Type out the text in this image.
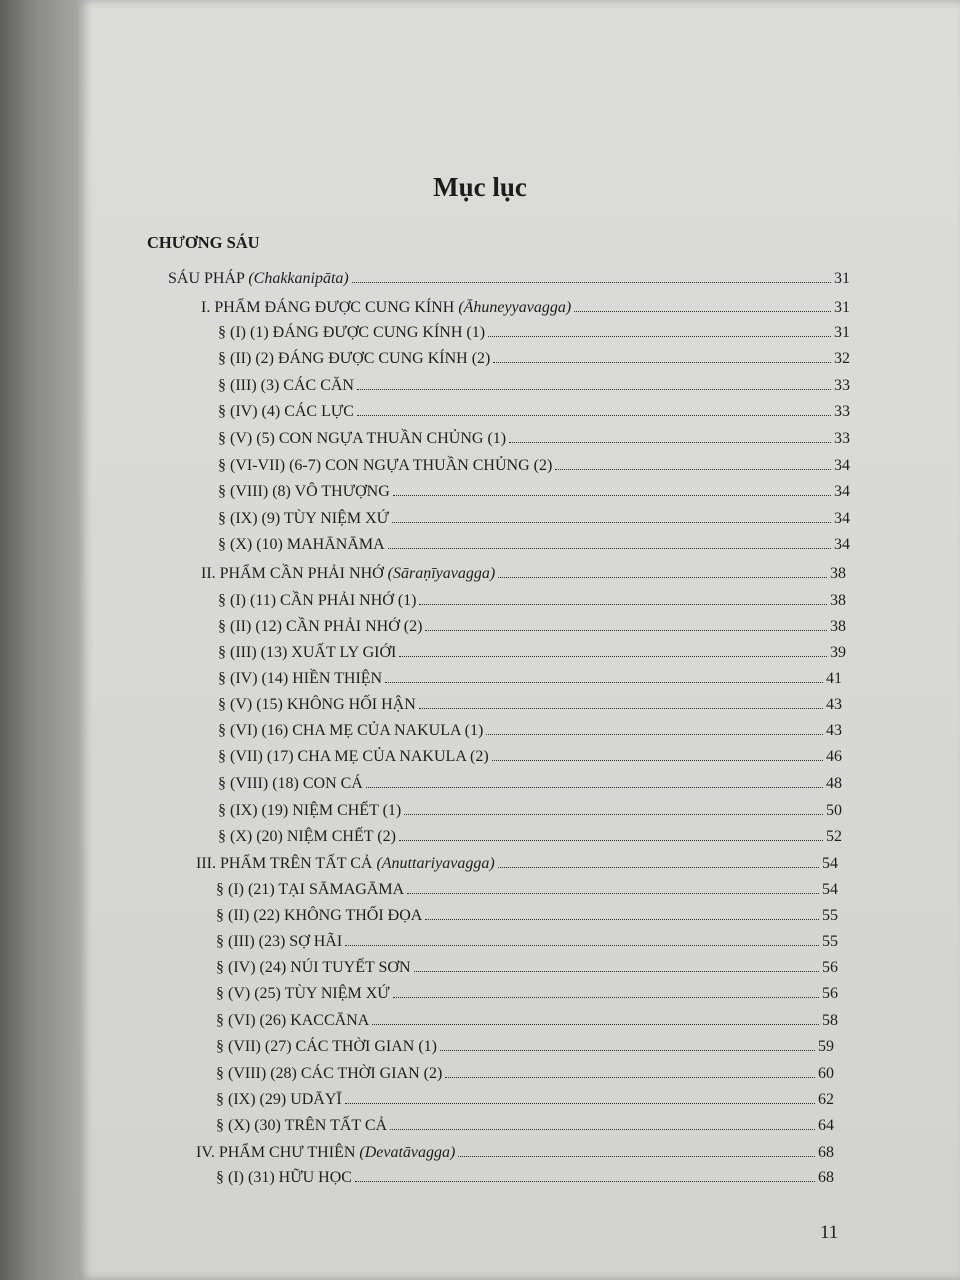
Mục lục
CHƯƠNG SÁU
SÁU PHÁP (Chakkanipāta)	31
I. PHẨM ĐÁNG ĐƯỢC CUNG KÍNH (Āhuneyyavagga)	31
§ (I) (1) ĐÁNG ĐƯỢC CUNG KÍNH (1)	31
§ (II) (2) ĐÁNG ĐƯỢC CUNG KÍNH (2)	32
§ (III) (3) CÁC CĂN	33
§ (IV) (4) CÁC LỰC	33
§ (V) (5) CON NGỰA THUẦN CHỦNG (1)	33
§ (VI-VII) (6-7) CON NGỰA THUẦN CHỦNG (2)	34
§ (VIII) (8) VÔ THƯỢNG	34
§ (IX) (9) TÙY NIỆM XỨ	34
§ (X) (10) MAHĀNĀMA	34
II. PHẨM CẦN PHẢI NHỚ (Sāraṇīyavagga)	38
§ (I) (11) CẦN PHẢI NHỚ (1)	38
§ (II) (12) CẦN PHẢI NHỚ (2)	38
§ (III) (13) XUẤT LY GIỚI	39
§ (IV) (14) HIỀN THIỆN	41
§ (V) (15) KHÔNG HỐI HẬN	43
§ (VI) (16) CHA MẸ CỦA NAKULA (1)	43
§ (VII) (17) CHA MẸ CỦA NAKULA (2)	46
§ (VIII) (18) CON CÁ	48
§ (IX) (19) NIỆM CHẾT (1)	50
§ (X) (20) NIỆM CHẾT (2)	52
III. PHẨM TRÊN TẤT CẢ (Anuttariyavagga)	54
§ (I) (21) TẠI SĀMAGĀMA	54
§ (II) (22) KHÔNG THỐI ĐỌA	55
§ (III) (23) SỢ HÃI	55
§ (IV) (24) NÚI TUYẾT SƠN	56
§ (V) (25) TÙY NIỆM XỨ	56
§ (VI) (26) KACCĀNA	58
§ (VII) (27) CÁC THỜI GIAN (1)	59
§ (VIII) (28) CÁC THỜI GIAN (2)	60
§ (IX) (29) UDĀYĪ	62
§ (X) (30) TRÊN TẤT CẢ	64
IV. PHẨM CHƯ THIÊN (Devatāvagga)	68
§ (I) (31) HỮU HỌC	68
11
